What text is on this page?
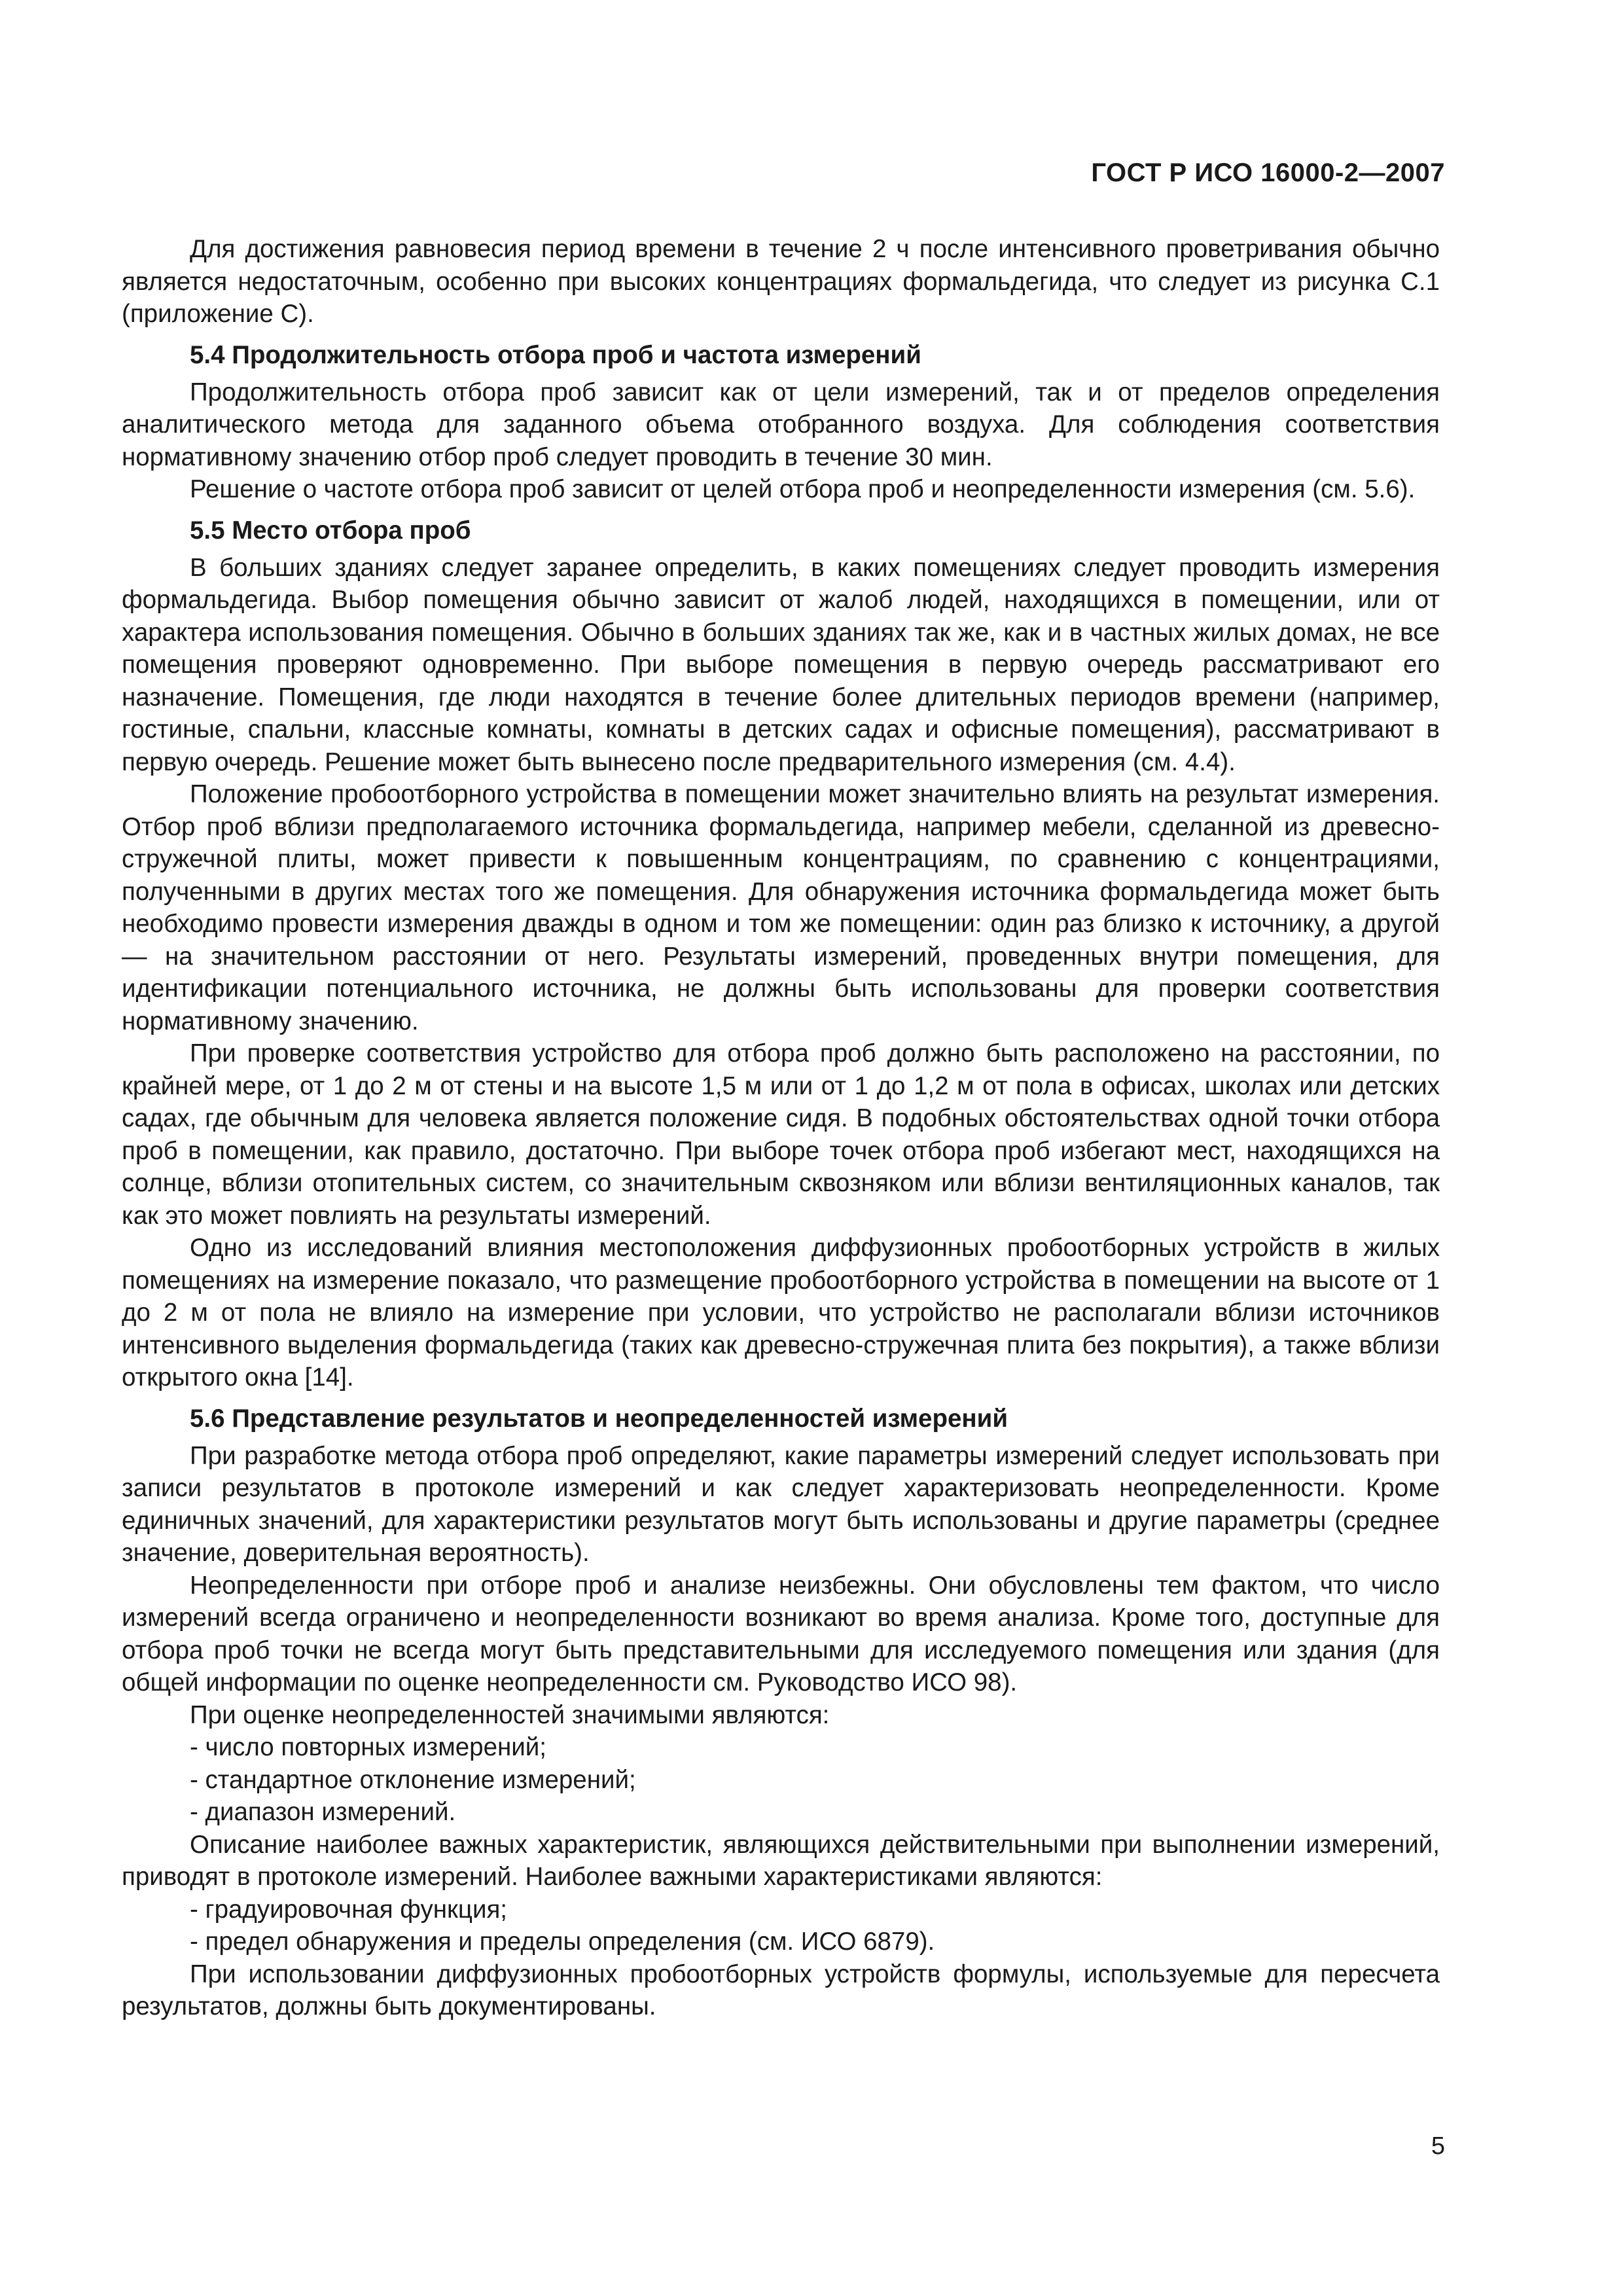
ГОСТ Р ИСО 16000-2—2007

Для достижения равновесия период времени в течение 2 ч после интенсивного проветривания обычно является недостаточным, особенно при высоких концентрациях формальдегида, что следует из рисунка С.1 (приложение С).

5.4 Продолжительность отбора проб и частота измерений

Продолжительность отбора проб зависит как от цели измерений, так и от пределов определения аналитического метода для заданного объема отобранного воздуха. Для соблюдения соответствия нормативному значению отбор проб следует проводить в течение 30 мин.

Решение о частоте отбора проб зависит от целей отбора проб и неопределенности измерения (см. 5.6).

5.5 Место отбора проб

В больших зданиях следует заранее определить, в каких помещениях следует проводить измерения формальдегида. Выбор помещения обычно зависит от жалоб людей, находящихся в помещении, или от характера использования помещения. Обычно в больших зданиях так же, как и в частных жилых домах, не все помещения проверяют одновременно. При выборе помещения в первую очередь рассматривают его назначение. Помещения, где люди находятся в течение более длительных периодов времени (например, гостиные, спальни, классные комнаты, комнаты в детских садах и офисные помещения), рассматривают в первую очередь. Решение может быть вынесено после предварительного измерения (см. 4.4).

Положение пробоотборного устройства в помещении может значительно влиять на результат измерения. Отбор проб вблизи предполагаемого источника формальдегида, например мебели, сделанной из древесно-стружечной плиты, может привести к повышенным концентрациям, по сравнению с концентрациями, полученными в других местах того же помещения. Для обнаружения источника формальдегида может быть необходимо провести измерения дважды в одном и том же помещении: один раз близко к источнику, а другой — на значительном расстоянии от него. Результаты измерений, проведенных внутри помещения, для идентификации потенциального источника, не должны быть использованы для проверки соответствия нормативному значению.

При проверке соответствия устройство для отбора проб должно быть расположено на расстоянии, по крайней мере, от 1 до 2 м от стены и на высоте 1,5 м или от 1 до 1,2 м от пола в офисах, школах или детских садах, где обычным для человека является положение сидя. В подобных обстоятельствах одной точки отбора проб в помещении, как правило, достаточно. При выборе точек отбора проб избегают мест, находящихся на солнце, вблизи отопительных систем, со значительным сквозняком или вблизи вентиляционных каналов, так как это может повлиять на результаты измерений.

Одно из исследований влияния местоположения диффузионных пробоотборных устройств в жилых помещениях на измерение показало, что размещение пробоотборного устройства в помещении на высоте от 1 до 2 м от пола не влияло на измерение при условии, что устройство не располагали вблизи источников интенсивного выделения формальдегида (таких как древесно-стружечная плита без покрытия), а также вблизи открытого окна [14].

5.6 Представление результатов и неопределенностей измерений

При разработке метода отбора проб определяют, какие параметры измерений следует использовать при записи результатов в протоколе измерений и как следует характеризовать неопределенности. Кроме единичных значений, для характеристики результатов могут быть использованы и другие параметры (среднее значение, доверительная вероятность).

Неопределенности при отборе проб и анализе неизбежны. Они обусловлены тем фактом, что число измерений всегда ограничено и неопределенности возникают во время анализа. Кроме того, доступные для отбора проб точки не всегда могут быть представительными для исследуемого помещения или здания (для общей информации по оценке неопределенности см. Руководство ИСО 98).

При оценке неопределенностей значимыми являются:

- число повторных измерений;
- стандартное отклонение измерений;
- диапазон измерений.

Описание наиболее важных характеристик, являющихся действительными при выполнении измерений, приводят в протоколе измерений. Наиболее важными характеристиками являются:

- градуировочная функция;
- предел обнаружения и пределы определения (см. ИСО 6879).

При использовании диффузионных пробоотборных устройств формулы, используемые для пересчета результатов, должны быть документированы.

5
